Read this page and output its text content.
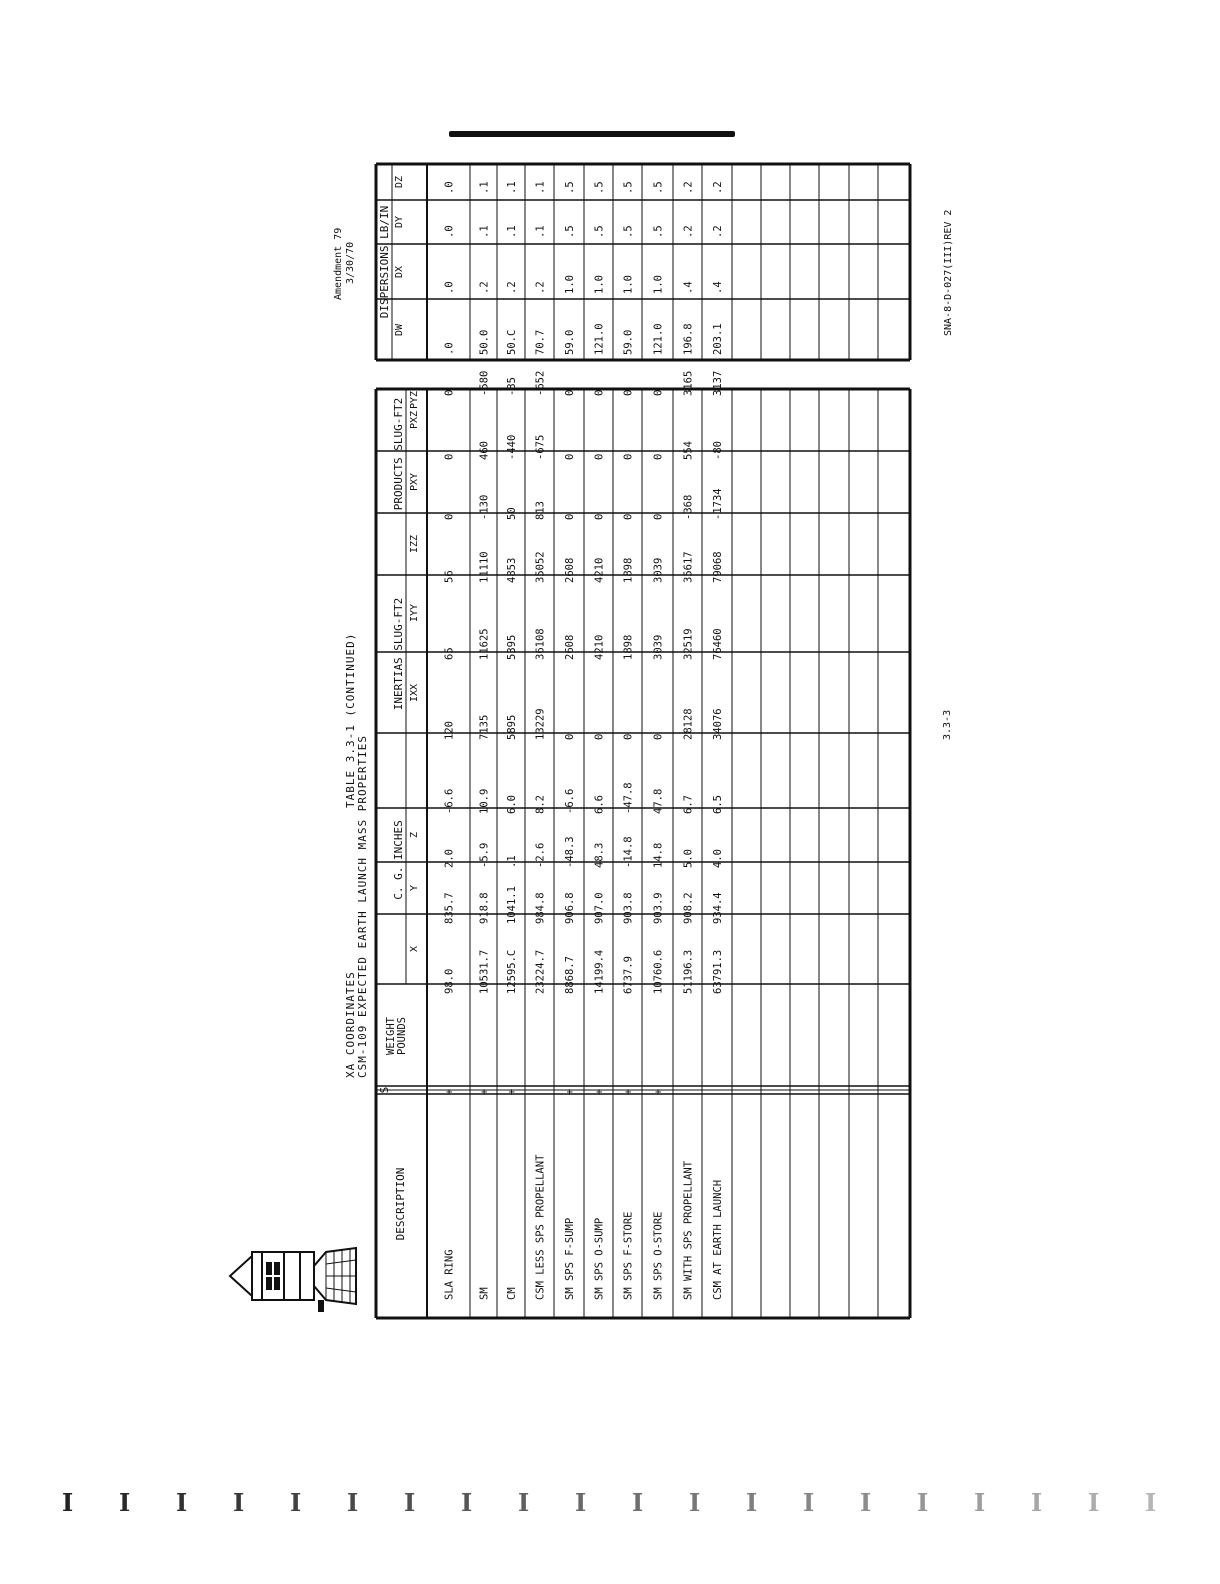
XA COORDINATES CSM-109 EXPECTED EARTH LAUNCH MASS PROPERTIES
TABLE 3.3-1 (CONTINUED)
Amendment 79 3/30/70
3.3-3
SNA-8-D-027(III)REV 2
DESCRIPTION
S
WEIGHT POUNDS
C. G. INCHES
X
Y
Z
INERTIAS SLUG-FT2 IXX
IYY
IZZ
PRODUCTS SLUG-FT2 PXY
PXZ
PYZ
DISPERSIONS LB/IN
DW
DX
DY
DZ
SLA RING
+
98.0
835.7
2.0
-6.6
120
65
56
0
0
0
.0
.0
.0
.0
SM
+
10531.7
918.8
-5.9
10.9
7135
11625
11110
-130
460
-580
50.0
.2
.1
.1
CM
+
12595.C
1041.1
.1
6.0
5895
5395
4853
50
-440
-35
50.C
.2
.1
.1
CSM LESS SPS PROPELLANT
23224.7
984.8
-2.6
8.2
13229
36108
35052
813
-675
-652
70.7
.2
.1
.1
SM SPS F-SUMP
+
8868.7
906.8
-48.3
-6.6
0
2608
2608
0
0
0
59.0
1.0
.5
.5
SM SPS O-SUMP
+
14199.4
907.0
48.3
6.6
0
4210
4210
0
0
0
121.0
1.0
.5
.5
SM SPS F-STORE
+
6737.9
903.8
-14.8
-47.8
0
1898
1898
0
0
0
59.0
1.0
.5
.5
SM SPS O-STORE
+
10760.6
903.9
14.8
47.8
0
3039
3039
0
0
0
121.0
1.0
.5
.5
SM WITH SPS PROPELLANT
51196.3
908.2
5.0
6.7
28128
32519
35617
-368
554
3165
196.8
.4
.2
.2
CSM AT EARTH LAUNCH
63791.3
934.4
4.0
6.5
34076
76460
79068
-1734
-80
3137
203.1
.4
.2
.2
I I I I I I I I I I I I I I I I I I I I
